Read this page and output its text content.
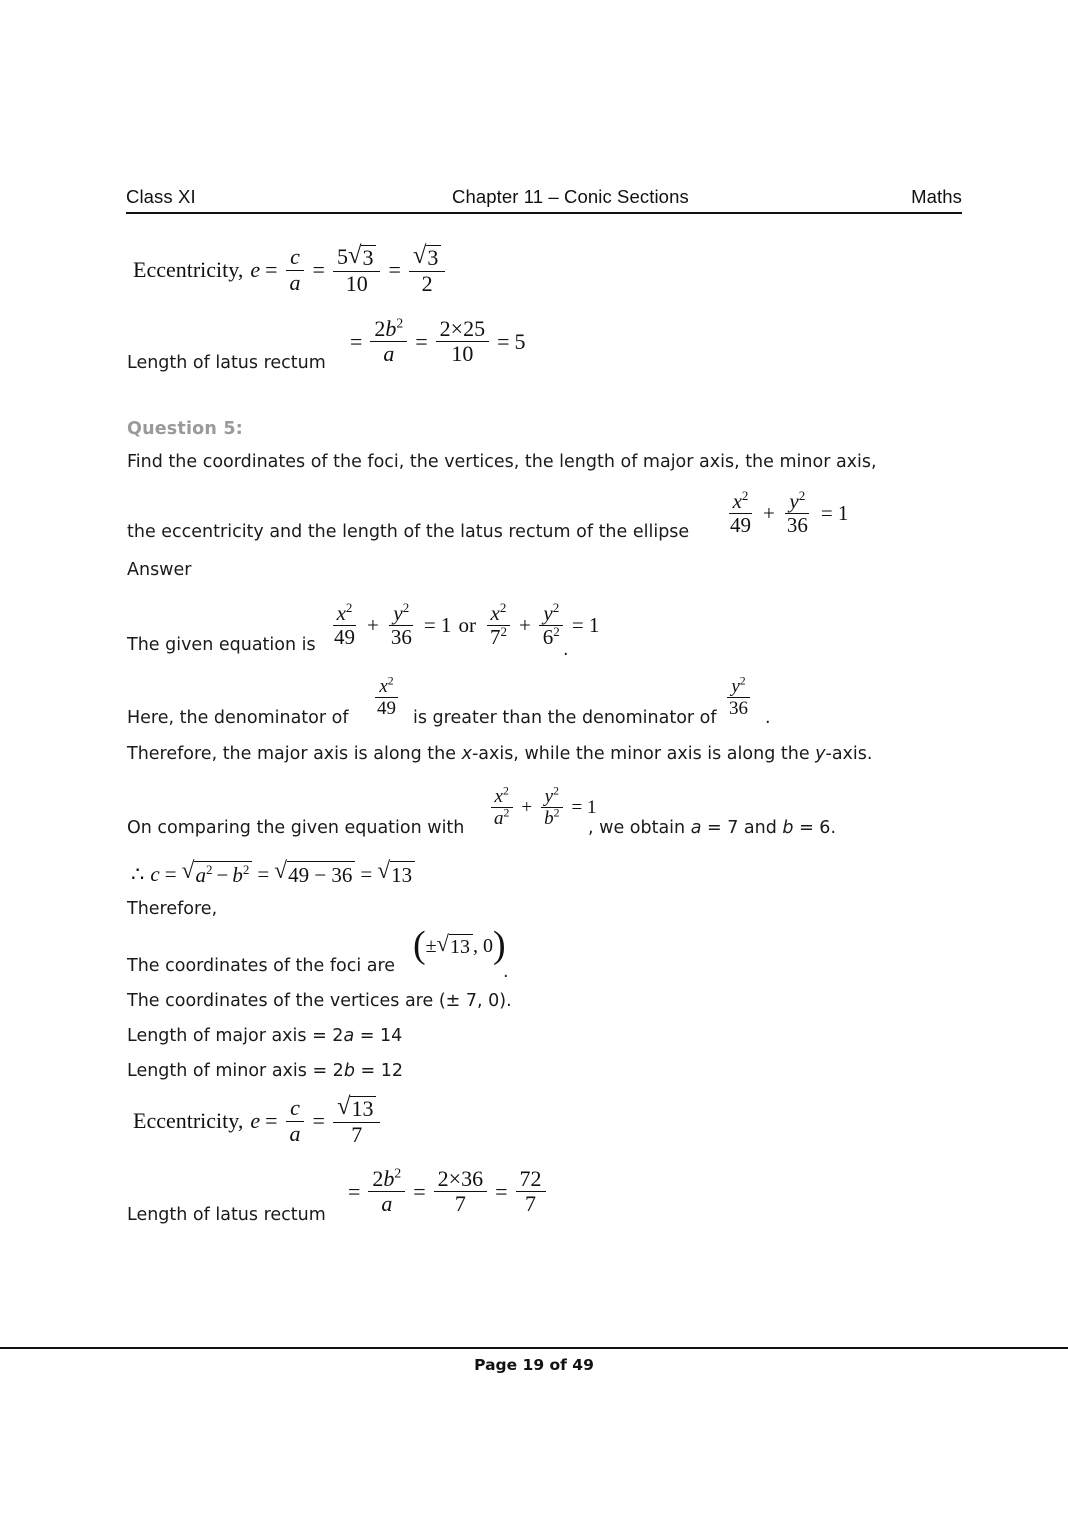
Class XI	Chapter 11 – Conic Sections	Maths
Eccentricity, $e = \frac{c}{a} = \frac{5 √ 3}{10} = \frac{√ 3}{2}$
Length of latus rectum
= $\frac{2b^2}{a} = \frac{2\times 25}{10} = 5$
Question 5:
Find the coordinates of the foci, the vertices, the length of major axis, the minor axis,
the eccentricity and the length of the latus rectum of the ellipse $\frac{x^2}{49} + \frac{y^2}{36} = 1$
Answer
The given equation is $\frac{x^2}{49} + \frac{y^2}{36} = 1$ or $\frac{x^2}{7^2} + \frac{y^2}{6^2} = 1$
.
Here, the denominator of $\frac{x^2}{49}$ is greater than the denominator of $\frac{y^2}{36}$ .
Therefore, the major axis is along the x-axis, while the minor axis is along the y-axis.
On comparing the given equation with $\frac{x^2}{a^2} + \frac{y^2}{b^2} = 1$
, we obtain a = 7 and b = 6.
∴ c = √ $a^2 - b^2$ = √ 49 − 36 = √ 13
Therefore,
The coordinates of the foci are ( ± √ 13 , 0 )
.
The coordinates of the vertices are (± 7, 0).
Length of major axis = 2a = 14
Length of minor axis = 2b = 12
Eccentricity, $e = \frac{c}{a} = \frac{√ 13}{7}$
Length of latus rectum
= $\frac{2b^2}{a} = \frac{2\times 36}{7} = \frac{72}{7}$
Page 19 of 49
